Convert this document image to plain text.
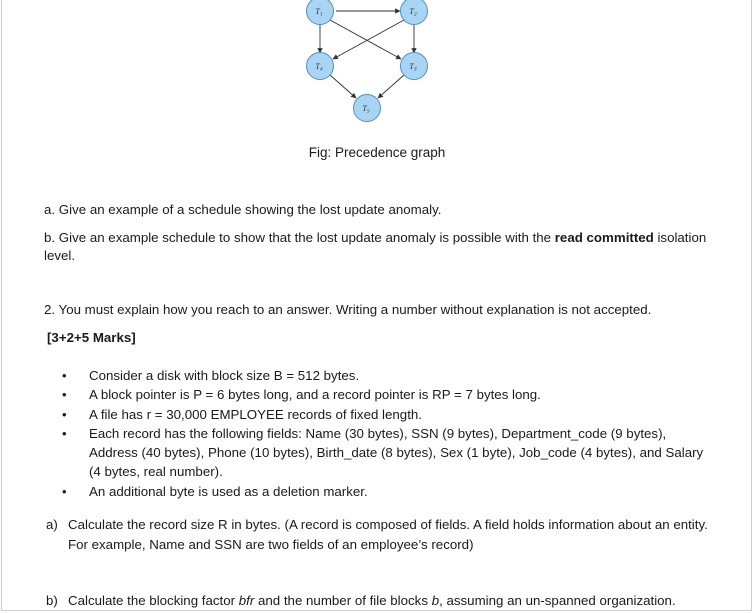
T1	T2
T4	T3
T5
Fig: Precedence graph
a. Give an example of a schedule showing the lost update anomaly.
b. Give an example schedule to show that the lost update anomaly is possible with the read committed isolation
level.
2. You must explain how you reach to an answer. Writing a number without explanation is not accepted.
[3+2+5 Marks]
• Consider a disk with block size B = 512 bytes.
• A block pointer is P = 6 bytes long, and a record pointer is RP = 7 bytes long.
• A file has r = 30,000 EMPLOYEE records of fixed length.
• Each record has the following fields: Name (30 bytes), SSN (9 bytes), Department_code (9 bytes), Address (40 bytes), Phone (10 bytes), Birth_date (8 bytes), Sex (1 byte), Job_code (4 bytes), and Salary (4 bytes, real number).
• An additional byte is used as a deletion marker.
a) Calculate the record size R in bytes. (A record is composed of fields. A field holds information about an entity. For example, Name and SSN are two fields of an employee’s record)
b) Calculate the blocking factor bfr and the number of file blocks b, assuming an un-spanned organization.
